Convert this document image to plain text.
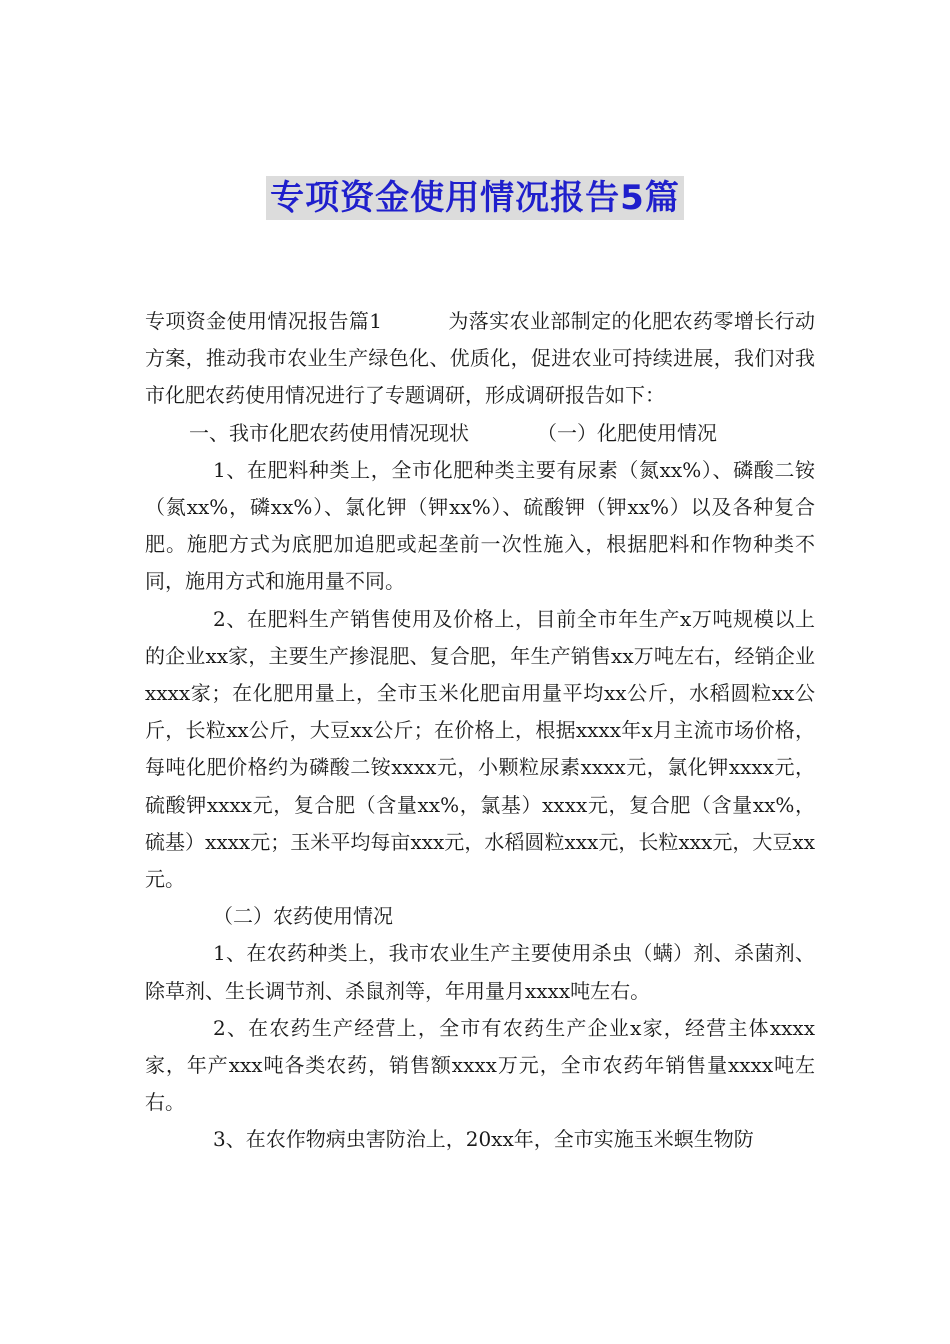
专项资金使用情况报告5篇

专项资金使用情况报告篇1	为落实农业部制定的化肥农药零增长行动方案，推动我市农业生产绿色化、优质化，促进农业可持续进展，我们对我市化肥农药使用情况进行了专题调研，形成调研报告如下：

一、我市化肥农药使用情况现状	（一）化肥使用情况

1、在肥料种类上，全市化肥种类主要有尿素（氮xx%）、磷酸二铵（氮xx%，磷xx%）、氯化钾（钾xx%）、硫酸钾（钾xx%）以及各种复合肥。施肥方式为底肥加追肥或起垄前一次性施入，根据肥料和作物种类不同，施用方式和施用量不同。

2、在肥料生产销售使用及价格上，目前全市年生产x万吨规模以上的企业xx家，主要生产掺混肥、复合肥，年生产销售xx万吨左右，经销企业xxxx家；在化肥用量上，全市玉米化肥亩用量平均xx公斤，水稻圆粒xx公斤，长粒xx公斤，大豆xx公斤；在价格上，根据xxxx年x月主流市场价格，每吨化肥价格约为磷酸二铵xxxx元，小颗粒尿素xxxx元，氯化钾xxxx元，硫酸钾xxxx元，复合肥（含量xx%，氯基）xxxx元，复合肥（含量xx%，硫基）xxxx元；玉米平均每亩xxx元，水稻圆粒xxx元，长粒xxx元，大豆xx元。

（二）农药使用情况

1、在农药种类上，我市农业生产主要使用杀虫（螨）剂、杀菌剂、除草剂、生长调节剂、杀鼠剂等，年用量月xxxx吨左右。

2、在农药生产经营上，全市有农药生产企业x家，经营主体xxxx家，年产xxx吨各类农药，销售额xxxx万元，全市农药年销售量xxxx吨左右。

3、在农作物病虫害防治上，20xx年，全市实施玉米螟生物防
